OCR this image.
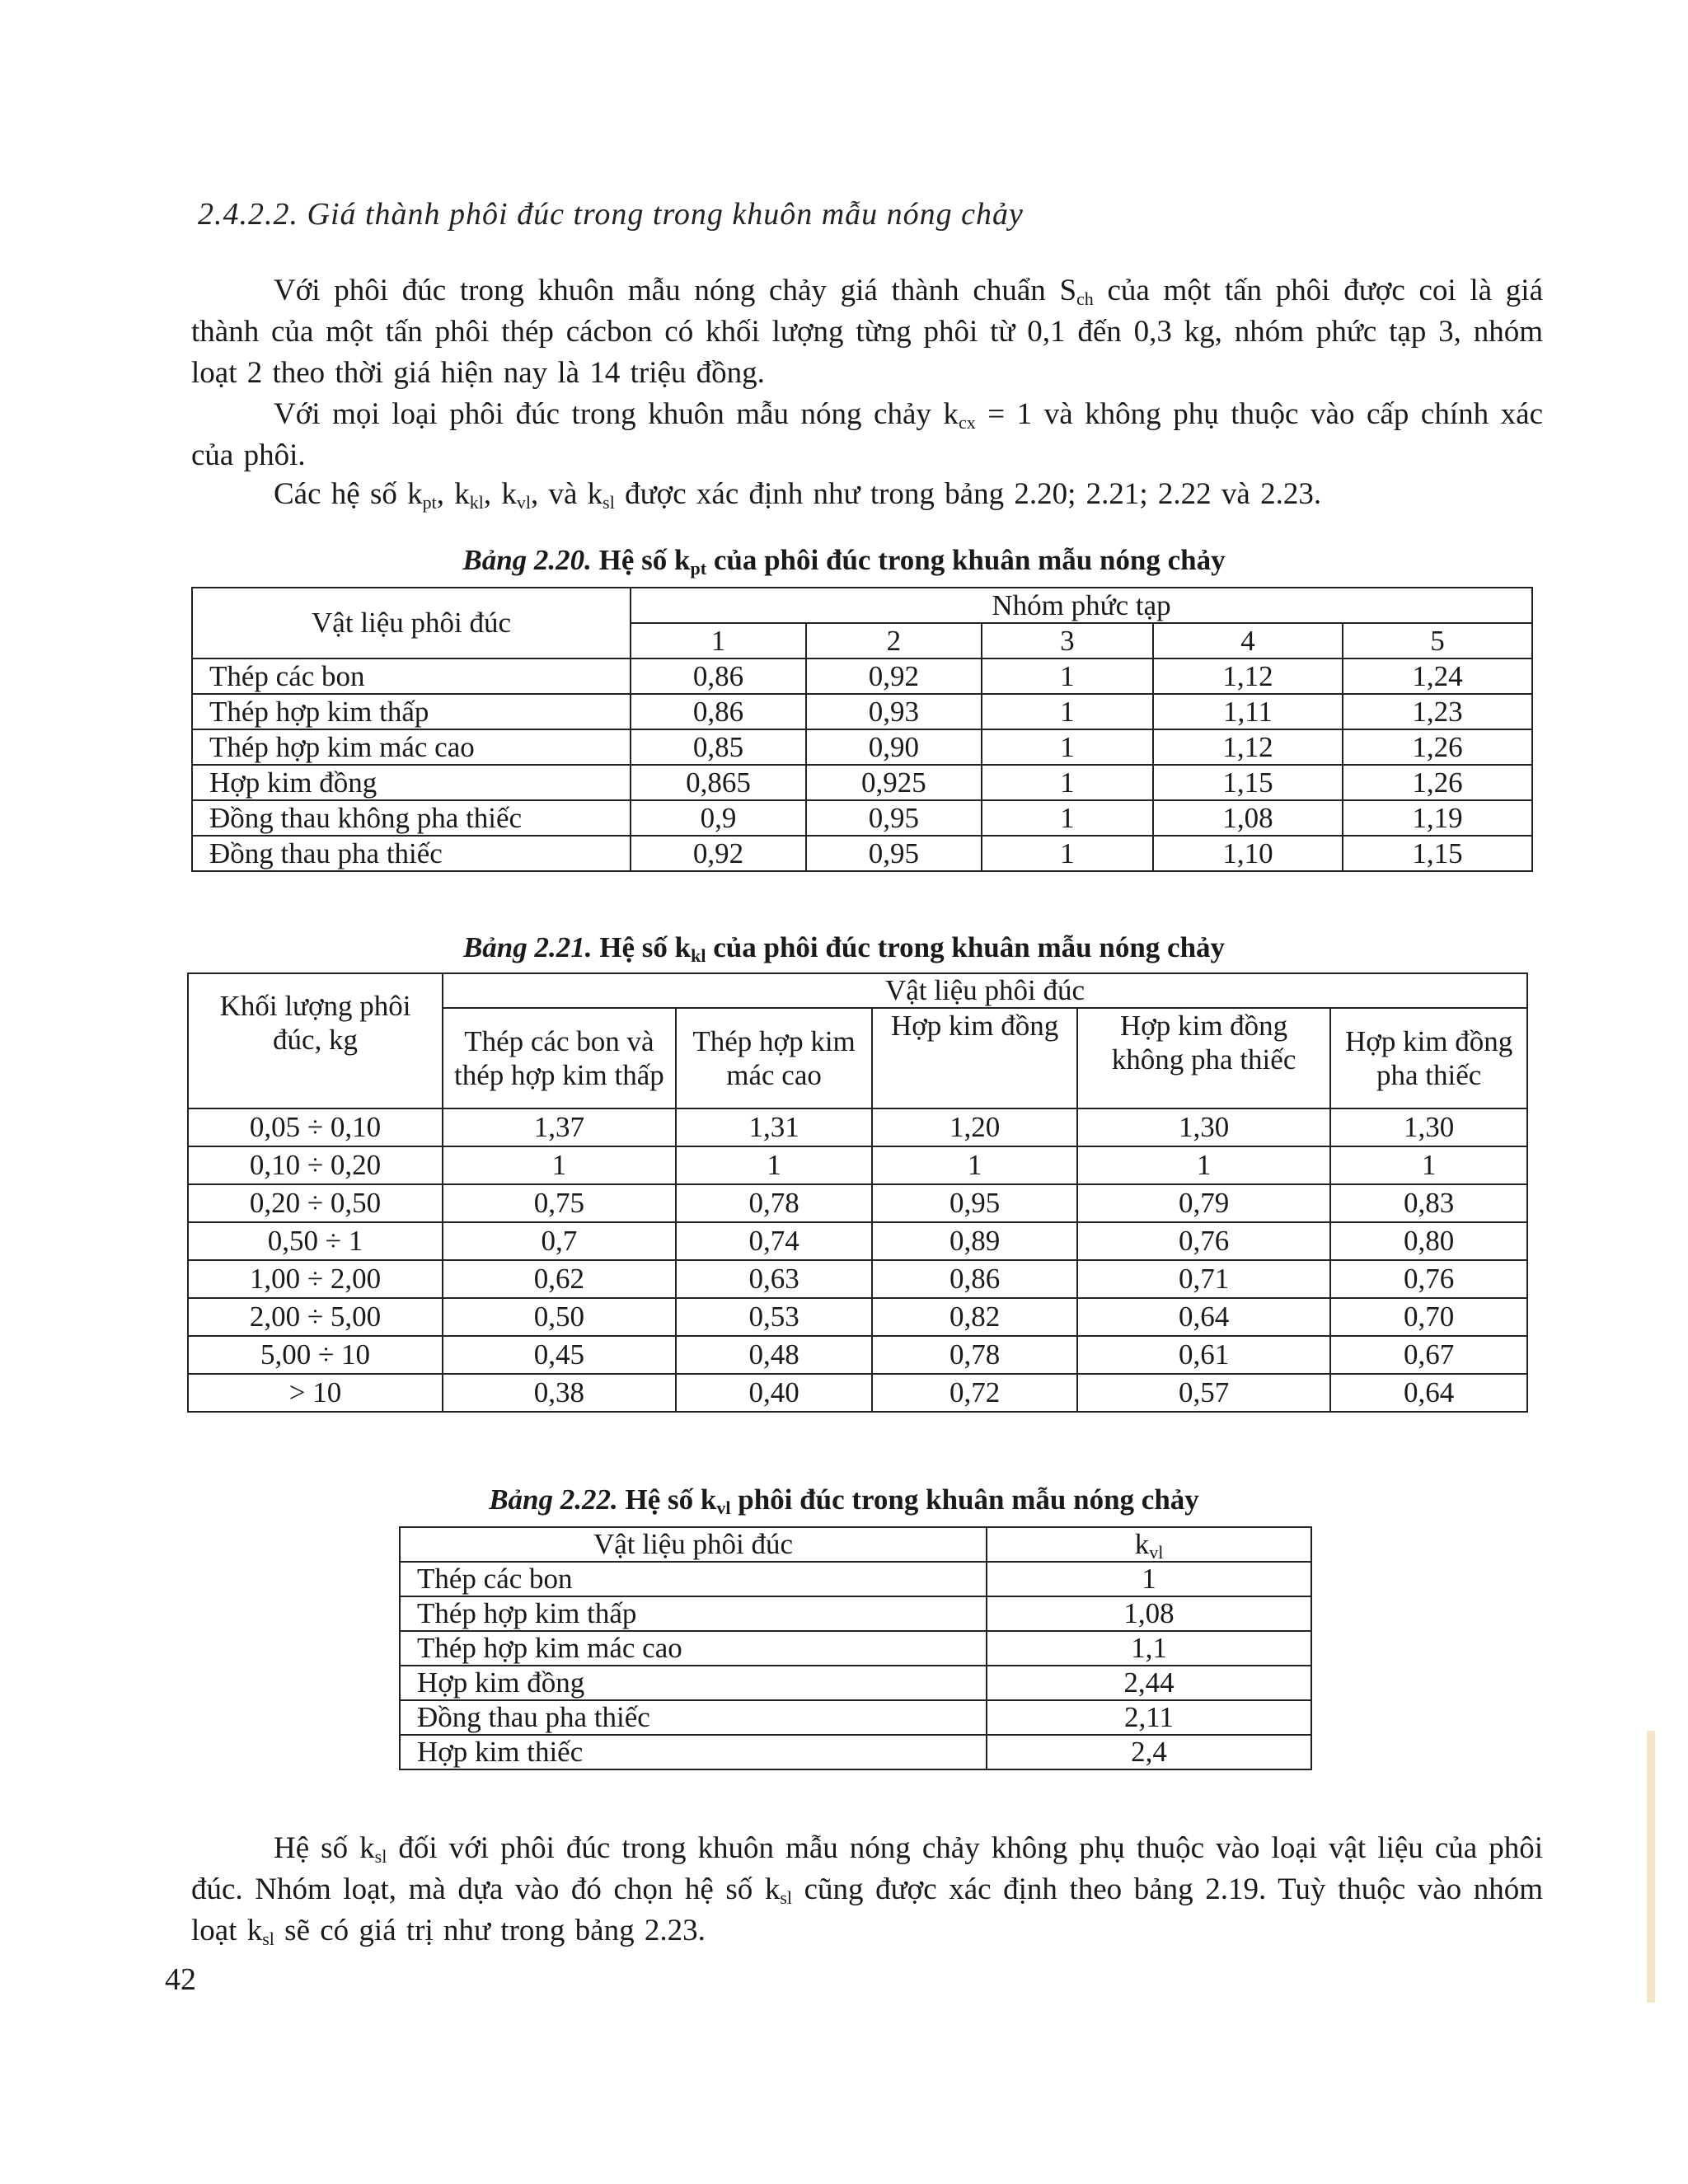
2.4.2.2. Giá thành phôi đúc trong trong khuôn mẫu nóng chảy
Với phôi đúc trong khuôn mẫu nóng chảy giá thành chuẩn $S_{ch}$ của một tấn phôi được coi là giá thành của một tấn phôi thép cácbon có khối lượng từng phôi từ 0,1 đến 0,3 kg, nhóm phức tạp 3, nhóm loạt 2 theo thời giá hiện nay là 14 triệu đồng.
Với mọi loại phôi đúc trong khuôn mẫu nóng chảy $k_{cx} = 1$ và không phụ thuộc vào cấp chính xác của phôi.
Các hệ số $k_{pt}$, $k_{kl}$, $k_{vl}$, và $k_{sl}$ được xác định như trong bảng 2.20; 2.21; 2.22 và 2.23.
Bảng 2.20. Hệ số $k_{pt}$ của phôi đúc trong khuân mẫu nóng chảy
Vật liệu phôi đúc	Nhóm phức tạp				
	1	2	3	4	5
Thép các bon	0,86	0,92	1	1,12	1,24
Thép hợp kim thấp	0,86	0,93	1	1,11	1,23
Thép hợp kim mác cao	0,85	0,90	1	1,12	1,26
Hợp kim đồng	0,865	0,925	1	1,15	1,26
Đồng thau không pha thiếc	0,9	0,95	1	1,08	1,19
Đồng thau pha thiếc	0,92	0,95	1	1,10	1,15
Bảng 2.21. Hệ số $k_{kl}$ của phôi đúc trong khuân mẫu nóng chảy
Khối lượng phôi đúc, kg	Vật liệu phôi đúc				
	Thép các bon và thép hợp kim thấp	Thép hợp kim mác cao	Hợp kim đồng	Hợp kim đồng không pha thiếc	Hợp kim đồng pha thiếc
0,05 ÷ 0,10	1,37	1,31	1,20	1,30	1,30
0,10 ÷ 0,20	1	1	1	1	1
0,20 ÷ 0,50	0,75	0,78	0,95	0,79	0,83
0,50 ÷ 1	0,7	0,74	0,89	0,76	0,80
1,00 ÷ 2,00	0,62	0,63	0,86	0,71	0,76
2,00 ÷ 5,00	0,50	0,53	0,82	0,64	0,70
5,00 ÷ 10	0,45	0,48	0,78	0,61	0,67
> 10	0,38	0,40	0,72	0,57	0,64
Bảng 2.22. Hệ số $k_{vl}$ phôi đúc trong khuân mẫu nóng chảy
Vật liệu phôi đúc	$k_{vl}$
Thép các bon	1
Thép hợp kim thấp	1,08
Thép hợp kim mác cao	1,1
Hợp kim đồng	2,44
Đồng thau pha thiếc	2,11
Hợp kim thiếc	2,4
Hệ số $k_{sl}$ đối với phôi đúc trong khuôn mẫu nóng chảy không phụ thuộc vào loại vật liệu của phôi đúc. Nhóm loạt, mà dựa vào đó chọn hệ số $k_{sl}$ cũng được xác định theo bảng 2.19. Tuỳ thuộc vào nhóm loạt $k_{sl}$ sẽ có giá trị như trong bảng 2.23.
42
